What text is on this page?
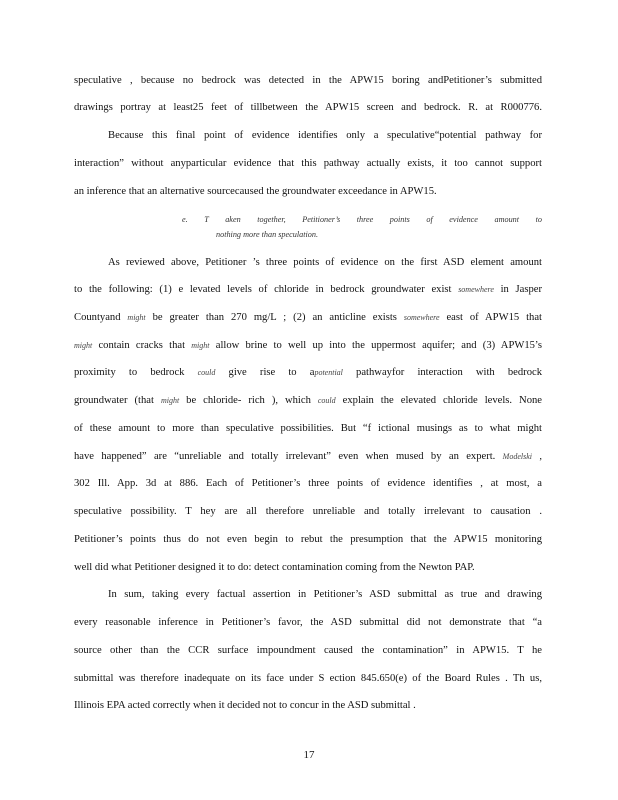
speculative , because no bedrock was detected in the APW15 boring andPetitioner’s submitted
drawings portray at least25 feet of tillbetween the APW15 screen and bedrock. R. at R000776.
Because this final point of evidence identifies only a speculative“potential pathway for
interaction” without anyparticular evidence that this pathway actually exists, it too cannot support
an inference that an alternative sourcecaused the groundwater exceedance in APW15.
e. T aken together, Petitioner’s three points of evidence amount to
nothing more than speculation.
As reviewed above, Petitioner ’s three points of evidence on the first ASD element amount
to the following: (1) e levated levels of chloride in bedrock groundwater exist somewhere in Jasper
Countyand might be greater than 270 mg/L ; (2) an anticline exists somewhere east of APW15 that
might contain cracks that might allow brine to well up into the uppermost aquifer; and (3) APW15’s
proximity to bedrock could give rise to apotential pathwayfor interaction with bedrock
groundwater (that might be chloride- rich ), which could explain the elevated chloride levels. None
of these amount to more than speculative possibilities. But “f ictional musings as to what might
have happened” are “unreliable and totally irrelevant” even when mused by an expert. Modelski ,
302 Ill. App. 3d at 886. Each of Petitioner’s three points of evidence identifies , at most, a
speculative possibility. T hey are all therefore unreliable and totally irrelevant to causation .
Petitioner’s points thus do not even begin to rebut the presumption that the APW15 monitoring
well did what Petitioner designed it to do: detect contamination coming from the Newton PAP.
In sum, taking every factual assertion in Petitioner’s ASD submittal as true and drawing
every reasonable inference in Petitioner’s favor, the ASD submittal did not demonstrate that “a
source other than the CCR surface impoundment caused the contamination” in APW15. T he
submittal was therefore inadequate on its face under S ection 845.650(e) of the Board Rules . Th us,
Illinois EPA acted correctly when it decided not to concur in the ASD submittal .
17
